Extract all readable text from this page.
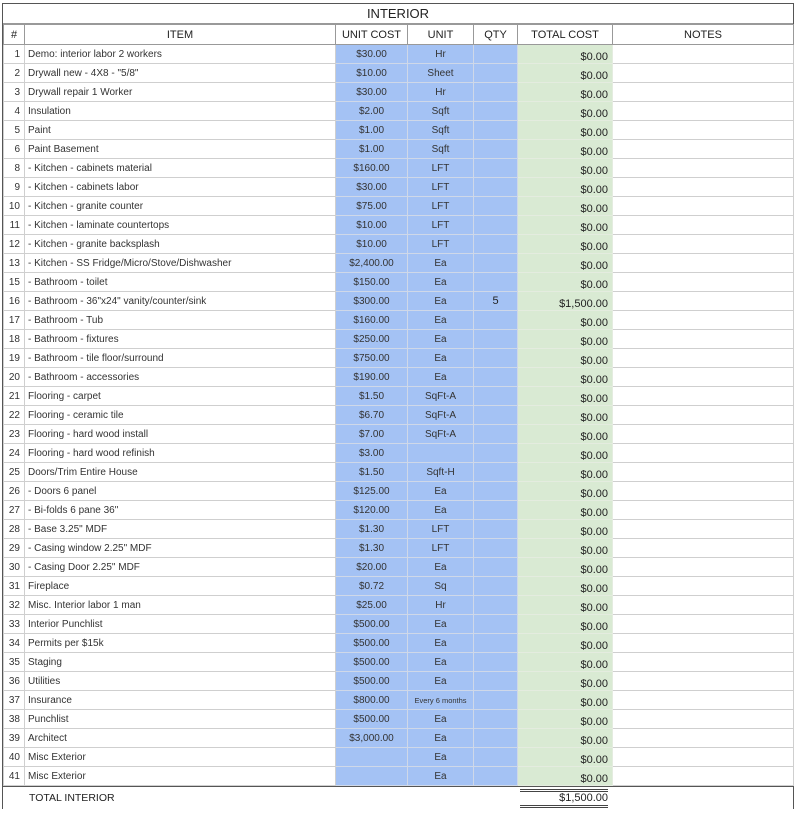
INTERIOR
#	ITEM	UNIT COST	UNIT	QTY	TOTAL COST	NOTES
1	Demo: interior labor 2 workers	$30.00	Hr		$0.00	
2	Drywall new - 4X8 - "5/8"	$10.00	Sheet		$0.00	
3	Drywall repair 1 Worker	$30.00	Hr		$0.00	
4	Insulation	$2.00	Sqft		$0.00	
5	Paint	$1.00	Sqft		$0.00	
6	Paint Basement	$1.00	Sqft		$0.00	
8	- Kitchen - cabinets material	$160.00	LFT		$0.00	
9	- Kitchen - cabinets labor	$30.00	LFT		$0.00	
10	- Kitchen - granite counter	$75.00	LFT		$0.00	
11	- Kitchen - laminate countertops	$10.00	LFT		$0.00	
12	- Kitchen - granite backsplash	$10.00	LFT		$0.00	
13	- Kitchen - SS Fridge/Micro/Stove/Dishwasher	$2,400.00	Ea		$0.00	
15	- Bathroom - toilet	$150.00	Ea		$0.00	
16	- Bathroom - 36"x24" vanity/counter/sink	$300.00	Ea	5	$1,500.00	
17	- Bathroom - Tub	$160.00	Ea		$0.00	
18	- Bathroom - fixtures	$250.00	Ea		$0.00	
19	- Bathroom - tile floor/surround	$750.00	Ea		$0.00	
20	- Bathroom - accessories	$190.00	Ea		$0.00	
21	Flooring - carpet	$1.50	SqFt-A		$0.00	
22	Flooring - ceramic tile	$6.70	SqFt-A		$0.00	
23	Flooring - hard wood install	$7.00	SqFt-A		$0.00	
24	Flooring - hard wood refinish	$3.00			$0.00	
25	Doors/Trim Entire House	$1.50	Sqft-H		$0.00	
26	- Doors 6 panel	$125.00	Ea		$0.00	
27	- Bi-folds 6 pane 36"	$120.00	Ea		$0.00	
28	- Base 3.25" MDF	$1.30	LFT		$0.00	
29	- Casing window 2.25" MDF	$1.30	LFT		$0.00	
30	- Casing Door 2.25" MDF	$20.00	Ea		$0.00	
31	Fireplace	$0.72	Sq		$0.00	
32	Misc. Interior labor 1 man	$25.00	Hr		$0.00	
33	Interior Punchlist	$500.00	Ea		$0.00	
34	Permits per $15k	$500.00	Ea		$0.00	
35	Staging	$500.00	Ea		$0.00	
36	Utilities	$500.00	Ea		$0.00	
37	Insurance	$800.00	Every 6 months		$0.00	
38	Punchlist	$500.00	Ea		$0.00	
39	Architect	$3,000.00	Ea		$0.00	
40	Misc Exterior		Ea		$0.00	
41	Misc Exterior		Ea		$0.00	
TOTAL INTERIOR	$1,500.00	
